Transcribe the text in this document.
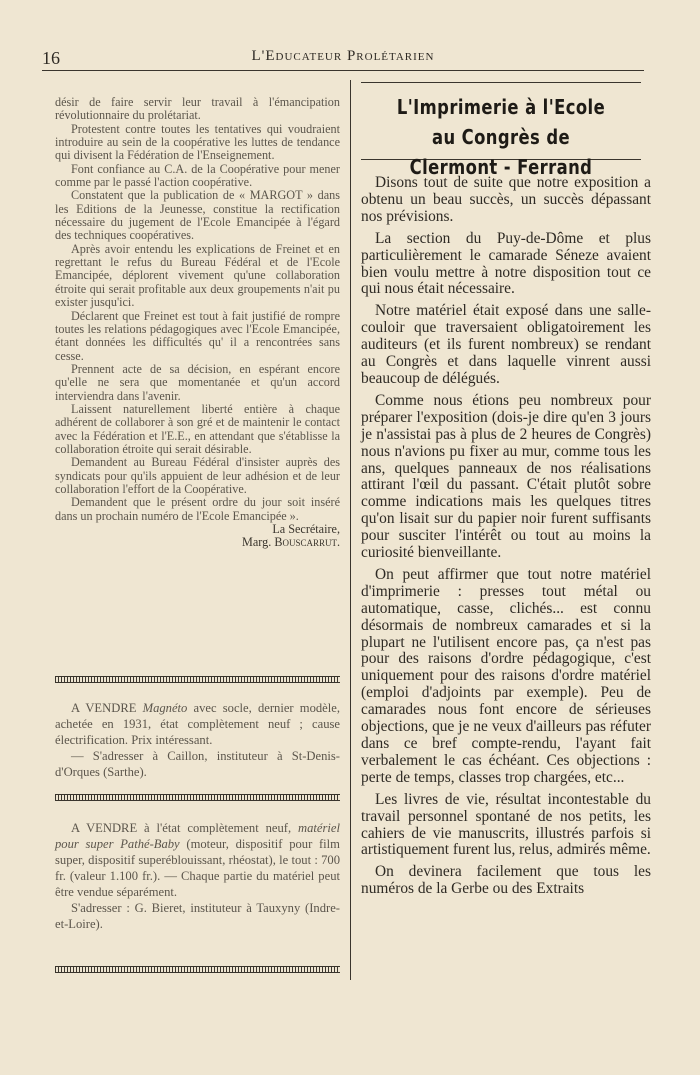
16	L'Educateur Prolétarien

désir de faire servir leur travail à l'émancipation révolutionnaire du prolétariat.

Protestent contre toutes les tentatives qui voudraient introduire au sein de la coopérative les luttes de tendance qui divisent la Fédération de l'Enseignement.

Font confiance au C.A. de la Coopérative pour mener comme par le passé l'action coopérative.

Constatent que la publication de « MARGOT » dans les Editions de la Jeunesse, constitue la rectification nécessaire du jugement de l'Ecole Emancipée à l'égard des techniques coopératives.

Après avoir entendu les explications de Freinet et en regrettant le refus du Bureau Fédéral et de l'Ecole Emancipée, déplorent vivement qu'une collaboration étroite qui serait profitable aux deux groupements n'ait pu exister jusqu'ici.

Déclarent que Freinet est tout à fait justifié de rompre toutes les relations pédagogiques avec l'Ecole Emancipée, étant données les difficultés qu' il a rencontrées sans cesse.

Prennent acte de sa décision, en espérant encore qu'elle ne sera que momentanée et qu'un accord interviendra dans l'avenir.

Laissent naturellement liberté entière à chaque adhérent de collaborer à son gré et de maintenir le contact avec la Fédération et l'E.E., en attendant que s'établisse la collaboration étroite qui serait désirable.

Demandent au Bureau Fédéral d'insister auprès des syndicats pour qu'ils appuient de leur adhésion et de leur collaboration l'effort de la Coopérative.

Demandent que le présent ordre du jour soit inséré dans un prochain numéro de l'Ecole Emancipée ».

La Secrétaire,

Marg. Bouscarrut.

A VENDRE Magnéto avec socle, dernier modèle, achetée en 1931, état complètement neuf ; cause électrification. Prix intéressant.

— S'adresser à Caillon, instituteur à St-Denis-d'Orques (Sarthe).

A VENDRE à l'état complètement neuf, matériel pour super Pathé-Baby (moteur, dispositif pour film super, dispositif superéblouissant, rhéostat), le tout : 700 fr. (valeur 1.100 fr.). — Chaque partie du matériel peut être vendue séparément.

S'adresser : G. Bieret, instituteur à Tauxyny (Indre-et-Loire).

L'Imprimerie à l'Ecole
au Congrès de Clermont - Ferrand

Disons tout de suite que notre exposition a obtenu un beau succès, un succès dépassant nos prévisions.

La section du Puy-de-Dôme et plus particulièrement le camarade Séneze avaient bien voulu mettre à notre disposition tout ce qui nous était nécessaire.

Notre matériel était exposé dans une salle-couloir que traversaient obligatoirement les auditeurs (et ils furent nombreux) se rendant au Congrès et dans laquelle vinrent aussi beaucoup de délégués.

Comme nous étions peu nombreux pour préparer l'exposition (dois-je dire qu'en 3 jours je n'assistai pas à plus de 2 heures de Congrès) nous n'avions pu fixer au mur, comme tous les ans, quelques panneaux de nos réalisations attirant l'œil du passant. C'était plutôt sobre comme indications mais les quelques titres qu'on lisait sur du papier noir furent suffisants pour susciter l'intérêt ou tout au moins la curiosité bienveillante.

On peut affirmer que tout notre matériel d'imprimerie : presses tout métal ou automatique, casse, clichés... est connu désormais de nombreux camarades et si la plupart ne l'utilisent encore pas, ça n'est pas pour des raisons d'ordre pédagogique, c'est uniquement pour des raisons d'ordre matériel (emploi d'adjoints par exemple). Peu de camarades nous font encore de sérieuses objections, que je ne veux d'ailleurs pas réfuter dans ce bref compte-rendu, l'ayant fait verbalement le cas échéant. Ces objections : perte de temps, classes trop chargées, etc...

Les livres de vie, résultat incontestable du travail personnel spontané de nos petits, les cahiers de vie manuscrits, illustrés parfois si artistiquement furent lus, relus, admirés même.

On devinera facilement que tous les numéros de la Gerbe ou des Extraits
